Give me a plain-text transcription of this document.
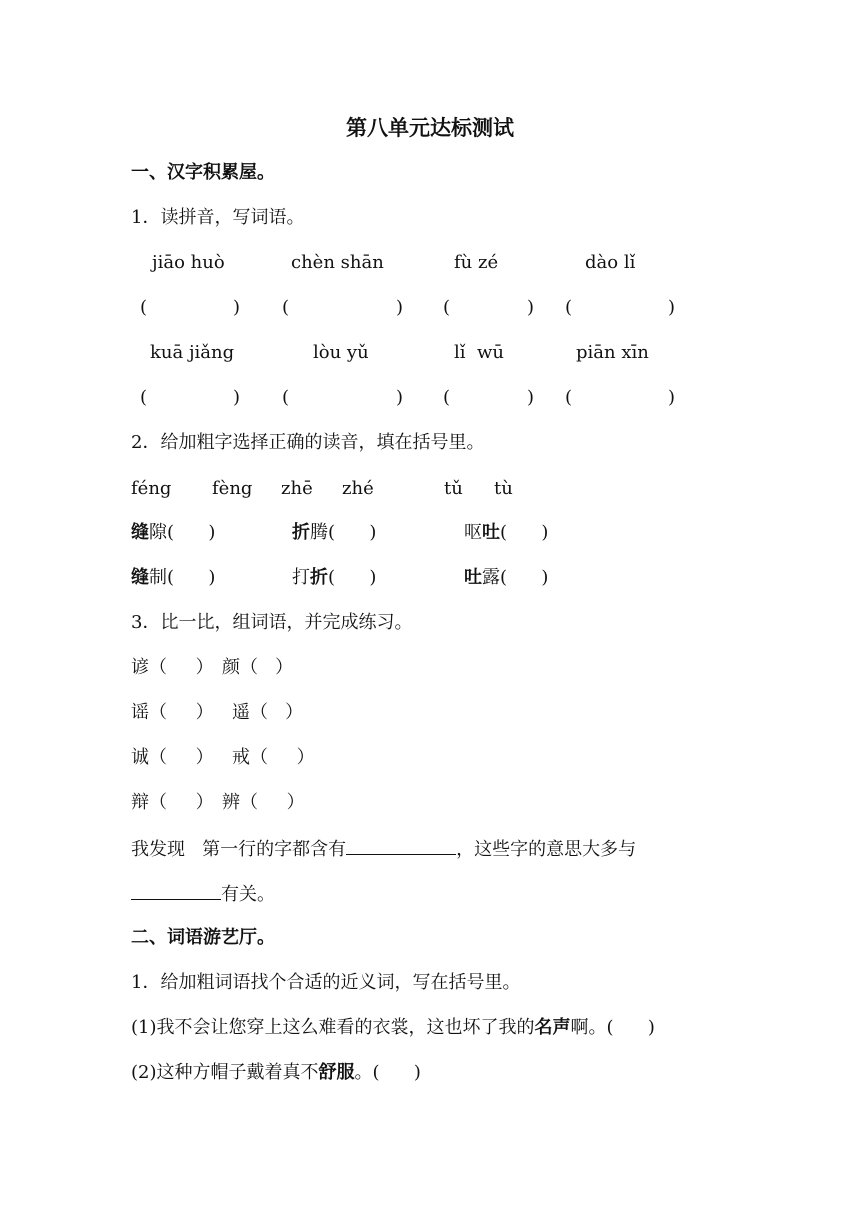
第八单元达标测试
一、汉字积累屋。
1．读拼音，写词语。
jiāo huò	chèn shān	fù zé	dào lǐ
(	) (	) (	) (	)
kuā jiǎng	lòu yǔ	lǐ  wū	piān xīn
(	) (	) (	) (	)
2．给加粗字选择正确的读音，填在括号里。
féng fèng zhē zhé	tǔ tù
缝隙(      )	折腾(      )	呕吐(      )
缝制(      )	打折(      )	吐露(      )
3．比一比，组词语，并完成练习。
谚（     ） 颜（   ）
谣（     ） 遥（   ）
诚（     ） 戒（     ）
辩（     ） 辨（     ）
我发现   第一行的字都含有	，这些字的意思大多与
有关。
二、词语游艺厅。
1．给加粗词语找个合适的近义词，写在括号里。
(1)我不会让您穿上这么难看的衣裳，这也坏了我的名声啊。(      )
(2)这种方帽子戴着真不舒服。(      )
